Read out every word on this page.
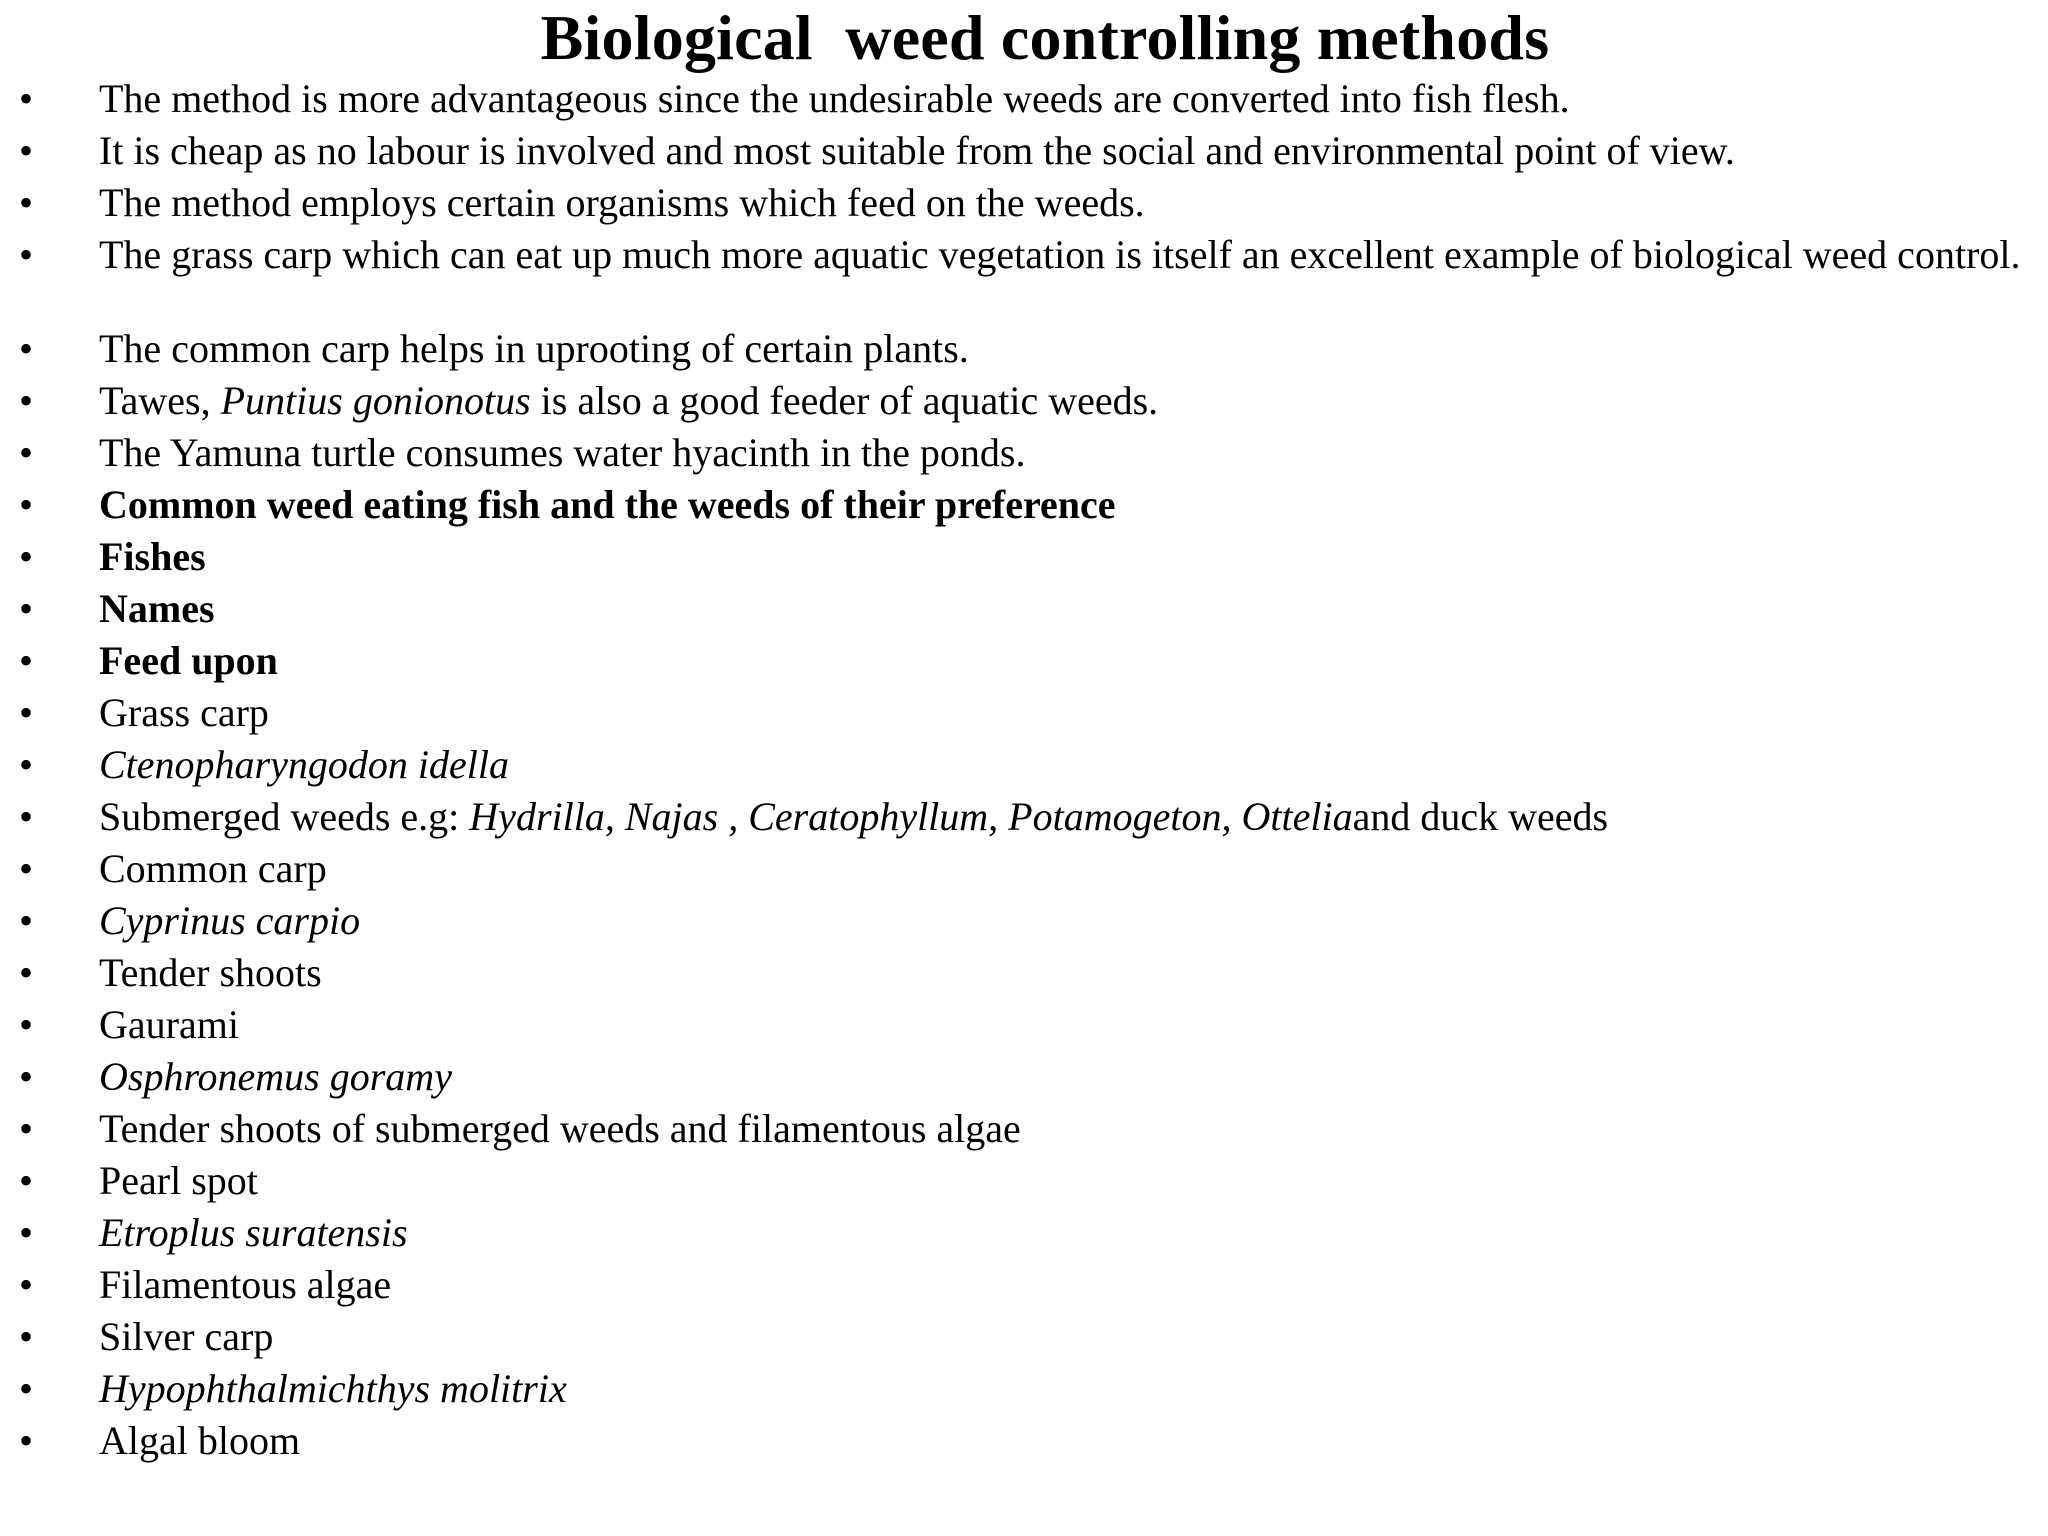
Biological  weed controlling methods
• The method is more advantageous since the undesirable weeds are converted into fish flesh.
• It is cheap as no labour is involved and most suitable from the social and environmental point of view.
• The method employs certain organisms which feed on the weeds.
• The grass carp which can eat up much more aquatic vegetation is itself an excellent example of biological weed control.
• The common carp helps in uprooting of certain plants.
• Tawes, Puntius gonionotus is also a good feeder of aquatic weeds.
• The Yamuna turtle consumes water hyacinth in the ponds.
• Common weed eating fish and the weeds of their preference
• Fishes
• Names
• Feed upon
• Grass carp
• Ctenopharyngodon idella
• Submerged weeds e.g: Hydrilla, Najas , Ceratophyllum, Potamogeton, Otteliaand duck weeds
• Common carp
• Cyprinus carpio
• Tender shoots
• Gaurami
• Osphronemus goramy
• Tender shoots of submerged weeds and filamentous algae
• Pearl spot
• Etroplus suratensis
• Filamentous algae
• Silver carp
• Hypophthalmichthys molitrix
• Algal bloom
